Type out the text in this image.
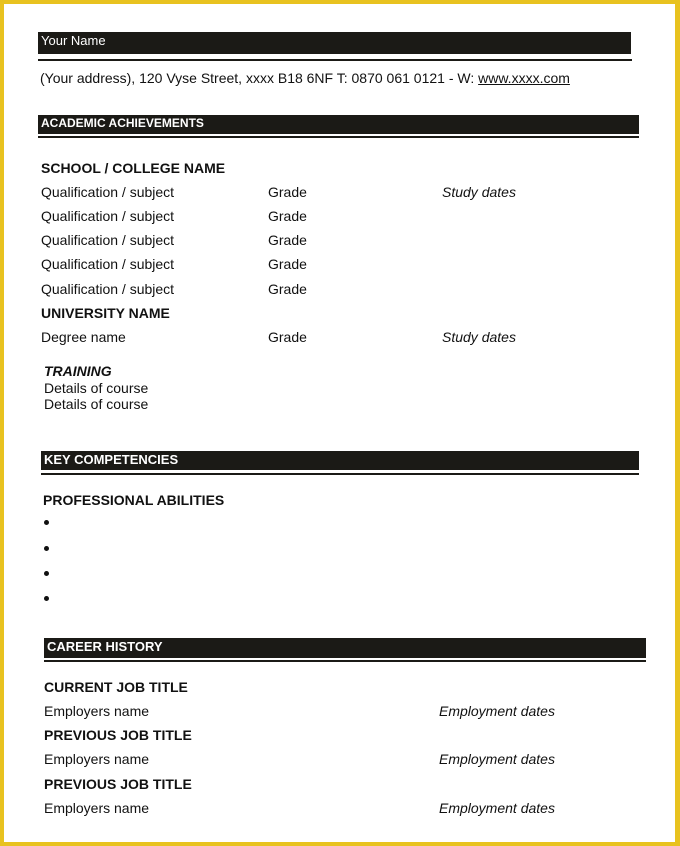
Your Name
(Your address), 120 Vyse Street, xxxx B18 6NF T: 0870 061 0121 - W: www.xxxx.com
ACADEMIC ACHIEVEMENTS
SCHOOL / COLLEGE NAME
Qualification / subject	Grade	Study dates
Qualification / subject	Grade
Qualification / subject	Grade
Qualification / subject	Grade
Qualification / subject	Grade
UNIVERSITY NAME
Degree name	Grade	Study dates
TRAINING
Details of course
Details of course
KEY COMPETENCIES
PROFESSIONAL ABILITIES
CAREER HISTORY
CURRENT JOB TITLE
Employers name	Employment dates
PREVIOUS JOB TITLE
Employers name	Employment dates
PREVIOUS JOB TITLE
Employers name	Employment dates
